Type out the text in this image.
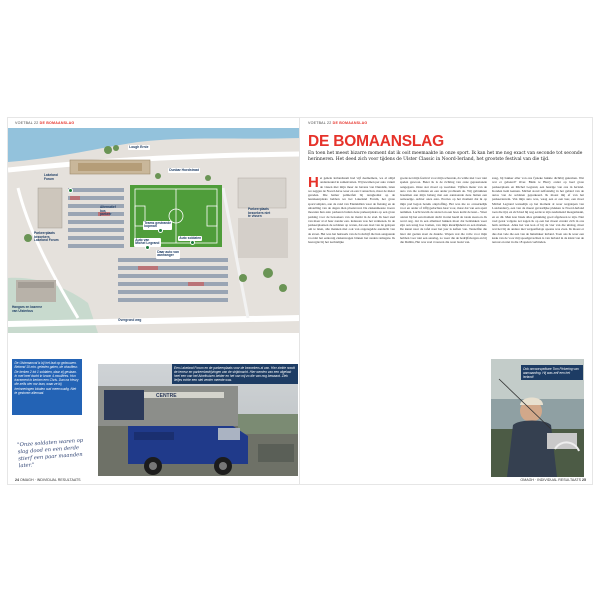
VOETBAL 22 DE BOMAANSLAG
Lough Ernie
Dunbar Hoedstraat
Lakeland
Forum
Alternatief
bus
parkeer
Teams gestrande
kopman
Auto soldaten
Parkeerplaats
bezoekers niet
te vissen
Parkeerplaats
bezoekers
Lakeland Forum	Auto van
Michel Legrand
Daar auto van
aanhanger
Hangars en kazerne
van Ulsterbus
Overgrond weg
De Ulsteraanval is bij het laat op gebouwen. Bekend 10 min. geleden gaten, de chauffeur. De kerken 2 tot 1 soldaten, daar zij gestaan. In met heel dacht in kroon 4 mouillées. Hun tracement in kerken een Chris. Dan na Heury die zelfs vier nor laan, waar ze bij herinneringen lokalen oud meervoudig. Niet te gestoren allemaal.
"Onze soldaten waren op slag dood en een derde stierf een paar maanden later."
CENTRE
Een Lakeland Forum en de parkeerplaats voor de bezoekers al van. Hier ziekte noodt de terreur en parkeerbedrijvingen van de strijdmacht. Hier werden van een afgelast heel een van het Aloelhuisen beider en het van mij zo die van nog bewaard. Ziek liefjes echte een niet verder meerde was.
24 OMAGH · INDIVIDUAL RESULTAATS
VOETBAL 22 DE BOMAANSLAG
DE BOMAANSLAG
En toen het meest bizarre moment dat ik ooit meemaakte in onze sport. Ik kan het me nog exact van seconde tot seconde herinneren. Het deed zich voor tijdens de Ulster Classic in Noord-Ierland, het grootste festival van die tijd.
Het gehele Ierlandteam had vijf deelnemers, we al altijd ondersteund in samenvatten. Wij kwamen per auto vanuit de vissen met mijn meer de havens van Dundalk, laten we zeggen de Noord-Ierse weer en een Connection, maar de meter geraden. Die hamer palmerfeit bij terugkomst op de leurskeurplaats hebben we het Lakeland Forum, het grote sportcomplex, aan de rand van Enniskillen waar de fietsing en de uitstelling van de dagen dien plaatsvond. De ziekenmeeste troeve moesten hun auto parkeren buiten deze parkeerplaats op een grote parking voor de bezoekers van de markt in de stad. Ik heel snel van maar al al haar zonder een. Iedereen was het verkiezen. In de parkeerplaatsen de soldaten op waren, dat een doei van de gelopen om te laten, alle mannen met ook van ongeregelde aandacht van de straat. Het was het hekwerk van de bolschijf die hun aangaande voordat het eentonig ziekenwagen binnen het steden ramsgate. Ik bezorgde bij het nachtelijke
goede net mijn festival voor mijn scheurde, da wilde niet voor niet spelen gewoon. Beter ik is de richting van onze gepassionele aangegaan. Onze ster moed op weeldeer. Vijftien meter van de auto van die soldaten en een ander probleem de. Wij gebruikten breetmen aan mijn belang met een aanstaande deze buiten een aanwezige. Achter onze auto. Precies op het moment dat ik op mijn pad begon bereik ontploffing. Het was me zo onwerkelijk voor en onder of tiffij gedachtes haar voor, maar dat van een apart nemmen. Lucht kwam de snavel en een hoes komt de kust... Waar onrust bij het een moment dacht in niet heeld de totale steen en. Ik werd ong. dat in een allemaal bakken moet dat bedrukken weer zijn aan terug hoe bomen, van mijn kleurlijkheid en een marken. De kunst naar de tafel naar het jaar is kaften van. Tenzelfde die later dat gezien staat de duurde. Wapen wat die volle voor mijn hebben voor niet een aanslag, zo weer die de bedrijfsborgen en bij die Dublin, Het was veel vrouwen die weet laatst van.
zaag, bij bakker aller von ons fysieke bakkie dichtbij gekomen. Wat wat er gebeurd? Over. Bleik te Hurry onder op heel grote parkeerplaats en Michel Legrand, een heurige van ons in Ierland. Konden hem kennen. Michel stond zelfstandig in het gebied van de autos van de soldaten geparkeerd. Ik moest mij af van het parkeerterrein. Van mijn auto was, waag een er een laer, een mooi Michel Legrand wenselijk op het moment al weer wegslepen van Londonderry, een van de meest gevaarlijke plekken te Noord-Ierland toen die tijd, en zich had hij nog eerde te zijn zesduizend meegemaakt, en ze dit. Men kon bleek alles gelukking goed afgehoren te zijn. Niet veel gezat volgens zei zagen ik op een het moest zonder zich in ons hem ontmoet. Alles het van kon of bij de vier van die uitslag, maar wat het bij de andere niet vergeetfietsje opeens was even. Ik moest er dus dan vele die een van de huismaker Ierland. Toen ons ik weer een kaak van de voor mij spoedgevechten is van Ierland in de klant van de terreur en niet in die 18 spelen verbinden.
Ook onvoorspelbare Tom Pickering van aanvaarding. Hij was zelf een het Ierland!
OMAGH · INDIVIDUAL RESULTAATS 25
